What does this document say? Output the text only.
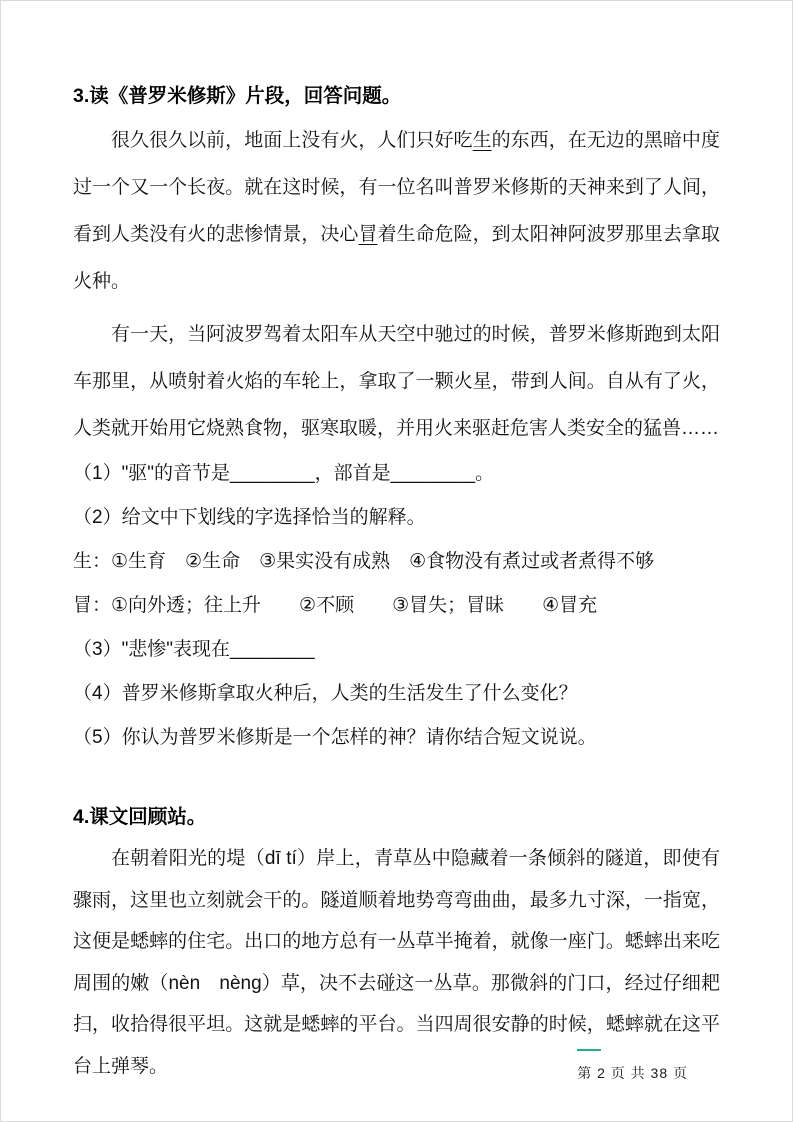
3.读《普罗米修斯》片段，回答问题。

很久很久以前，地面上没有火，人们只好吃生的东西，在无边的黑暗中度过一个又一个长夜。就在这时候，有一位名叫普罗米修斯的天神来到了人间，看到人类没有火的悲惨情景，决心冒着生命危险，到太阳神阿波罗那里去拿取火种。

有一天，当阿波罗驾着太阳车从天空中驰过的时候，普罗米修斯跑到太阳车那里，从喷射着火焰的车轮上，拿取了一颗火星，带到人间。自从有了火，人类就开始用它烧熟食物，驱寒取暖，并用火来驱赶危害人类安全的猛兽……

（1）"驱"的音节是________，部首是________。

（2）给文中下划线的字选择恰当的解释。

生：①生育　②生命　③果实没有成熟　④食物没有煮过或者煮得不够

冒：①向外透；往上升　　②不顾　　③冒失；冒昧　　④冒充

（3）"悲惨"表现在________

（4）普罗米修斯拿取火种后，人类的生活发生了什么变化？

（5）你认为普罗米修斯是一个怎样的神？请你结合短文说说。

4.课文回顾站。

在朝着阳光的堤（dī tí）岸上，青草丛中隐藏着一条倾斜的隧道，即使有骤雨，这里也立刻就会干的。隧道顺着地势弯弯曲曲，最多九寸深，一指宽，这便是蟋蟀的住宅。出口的地方总有一丛草半掩着，就像一座门。蟋蟀出来吃周围的嫩（nèn　nèng）草，决不去碰这一丛草。那微斜的门口，经过仔细耙扫，收拾得很平坦。这就是蟋蟀的平台。当四周很安静的时候，蟋蟀就在这平台上弹琴。	第 2 页 共 38 页
